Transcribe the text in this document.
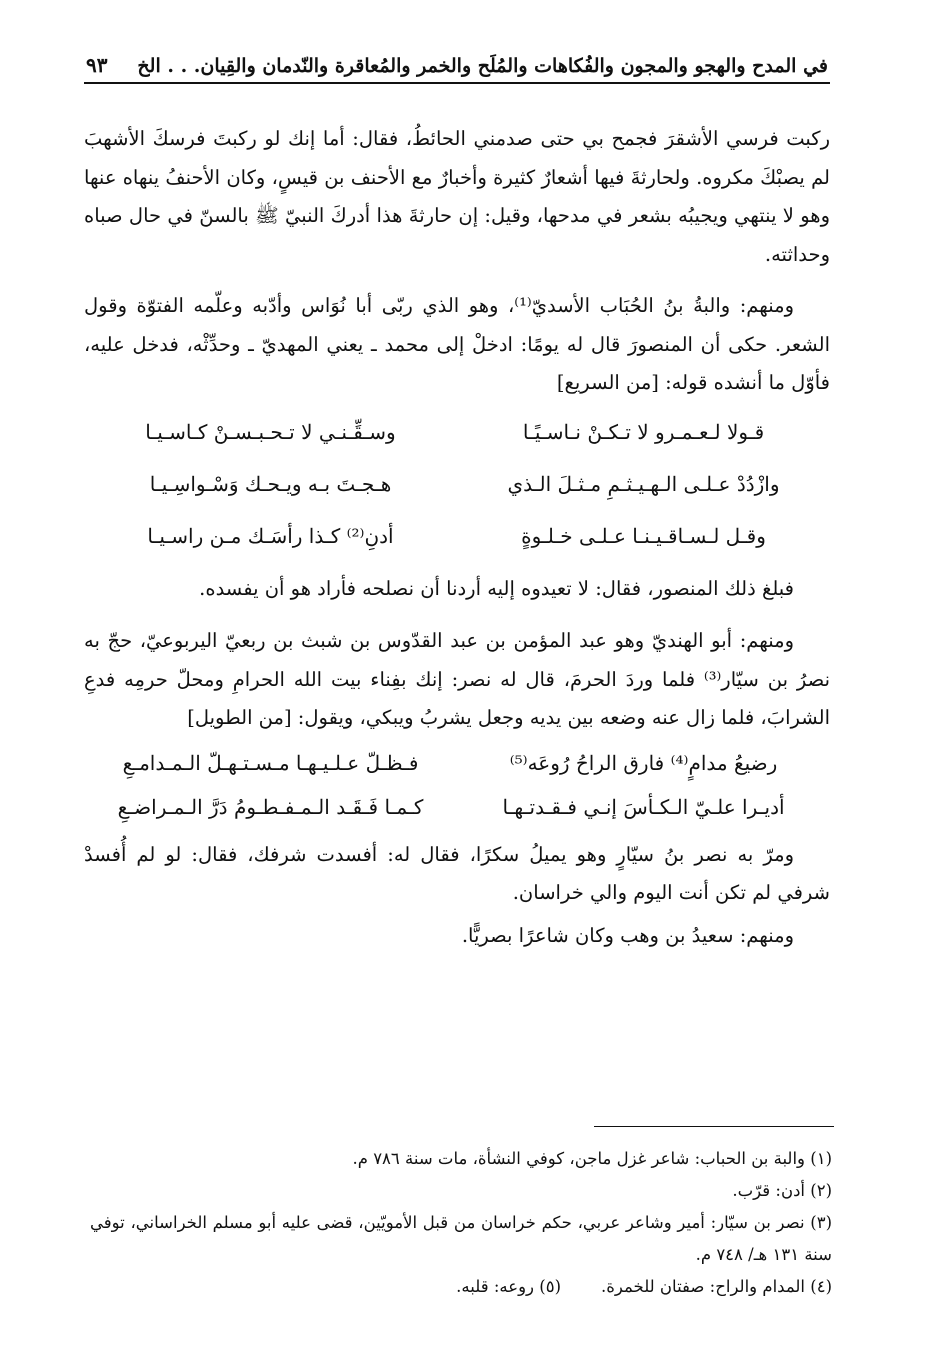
في المدح والهجو والمجون والفُكاهات والمُلَح والخمر والمُعاقرة والنّدمان والقِيان. . . الخ
٩٣

ركبت فرسي الأشقرَ فجمح بي حتى صدمني الحائطُ، فقال: أما إنك لو ركبتَ فرسكَ الأشهبَ لم يصبْكَ مكروه. ولحارثةَ فيها أشعارٌ كثيرة وأخبارٌ مع الأحنف بن قيسٍ، وكان الأحنفُ ينهاه عنها وهو لا ينتهي ويجيبُه بشعر في مدحها، وقيل: إن حارثةَ هذا أدركَ النبيّ ﷺ بالسنّ في حال صباه وحداثته.

ومنهم: والبةُ بنُ الحُبَاب الأسديّ⁽¹⁾، وهو الذي ربّى أبا نُوَاس وأدّبه وعلّمه الفتوّة وقول الشعر. حكى أن المنصورَ قال له يومًا: ادخلْ إلى محمد ـ يعني المهديّ ـ وحدِّثْه، فدخل عليه، فأوّل ما أنشده قوله: [من السريع]

قـولا لـعـمـرو لا تـكـنْ نـاسـيًـا
وسـقِّـنـي لا تـحـبـسـنْ كـاسـيـا
وازْدُدْ عـلـى الـهـيـثـمِ مـثـلَ الـذي
هـجـتَ بـه ويـحـك وَسْـواسِـيـا
وقـل لـسـاقـيـنـا عـلـى خـلـوةٍ
أدنِ⁽²⁾ كـذا رأسَـك مـن راسـيـا

فبلغ ذلك المنصور، فقال: لا تعيدوه إليه أردنا أن نصلحه فأراد هو أن يفسده.

ومنهم: أبو الهنديّ وهو عبد المؤمن بن عبد القدّوس بن شبث بن ربعيّ اليربوعيّ، حجّ به نصرُ بن سيّار⁽³⁾ فلما وردَ الحرمَ، قال له نصر: إنك بفِناء بيت الله الحرامِ ومحلّ حرمِه فدعِ الشرابَ، فلما زال عنه وضعه بين يديه وجعل يشربُ ويبكي، ويقول: [من الطويل]

رضيعُ مدامٍ⁽⁴⁾ فارق الراحُ رُوعَه⁽⁵⁾
فـظـلّ عـلـيـهـا مـسـتـهـلّ الـمـدامـعِ
أديـرا علـيّ الـكـأسَ إنـي فـقـدتـهـا
كـمـا فَـقَـد الـمـفـطـومُ دَرَّ الـمـراضـعِ

ومرّ به نصر بنُ سيّارٍ وهو يميلُ سكرًا، فقال له: أفسدت شرفك، فقال: لو لم أُفسدْ شرفي لم تكن أنت اليوم والي خراسان.

ومنهم: سعيدُ بن وهب وكان شاعرًا بصريًّا.

(١) والبة بن الحباب: شاعر غزل ماجن، كوفي النشأة، مات سنة ٧٨٦ م.

(٢) أدن: قرّب.

(٣) نصر بن سيّار: أمير وشاعر عربي، حكم خراسان من قبل الأمويّين، قضى عليه أبو مسلم الخراساني، توفي سنة ١٣١ هـ/ ٧٤٨ م.

(٤) المدام والراح: صفتان للخمرة.

(٥) روعه: قلبه.
